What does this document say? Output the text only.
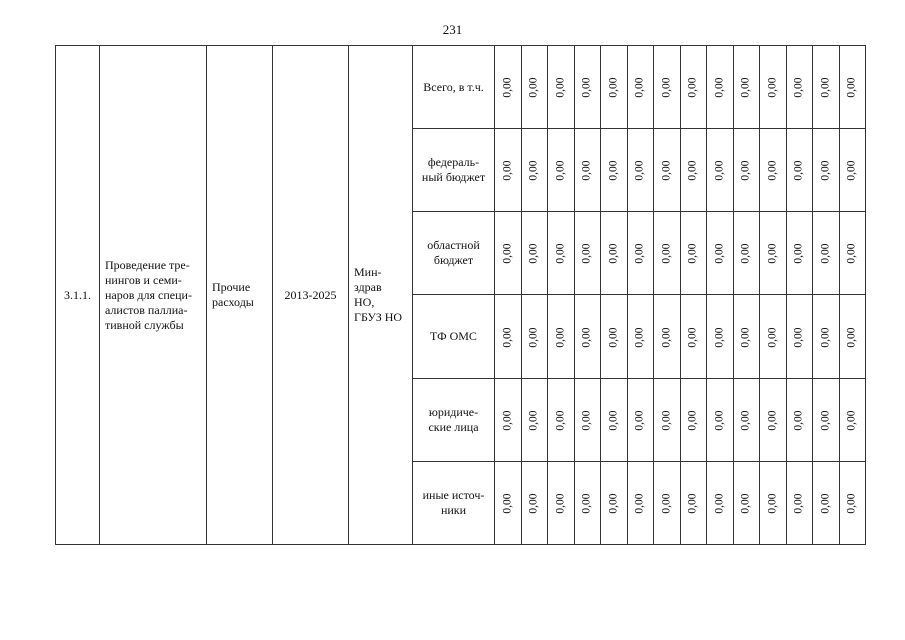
231
3.1.1.	Проведение тре-
нингов и семи-
наров для специ-
алистов паллиа-
тивной службы	Прочие
расходы	2013-2025	Мин-
здрав
НО,
ГБУЗ НО	Всего, в т.ч.	0,00	0,00	0,00	0,00	0,00	0,00	0,00	0,00	0,00	0,00	0,00	0,00	0,00	0,00
					федераль-
ный бюджет	0,00	0,00	0,00	0,00	0,00	0,00	0,00	0,00	0,00	0,00	0,00	0,00	0,00	0,00
					областной
бюджет	0,00	0,00	0,00	0,00	0,00	0,00	0,00	0,00	0,00	0,00	0,00	0,00	0,00	0,00
					ТФ ОМС	0,00	0,00	0,00	0,00	0,00	0,00	0,00	0,00	0,00	0,00	0,00	0,00	0,00	0,00
					юридиче-
ские лица	0,00	0,00	0,00	0,00	0,00	0,00	0,00	0,00	0,00	0,00	0,00	0,00	0,00	0,00
					иные источ-
ники	0,00	0,00	0,00	0,00	0,00	0,00	0,00	0,00	0,00	0,00	0,00	0,00	0,00	0,00
